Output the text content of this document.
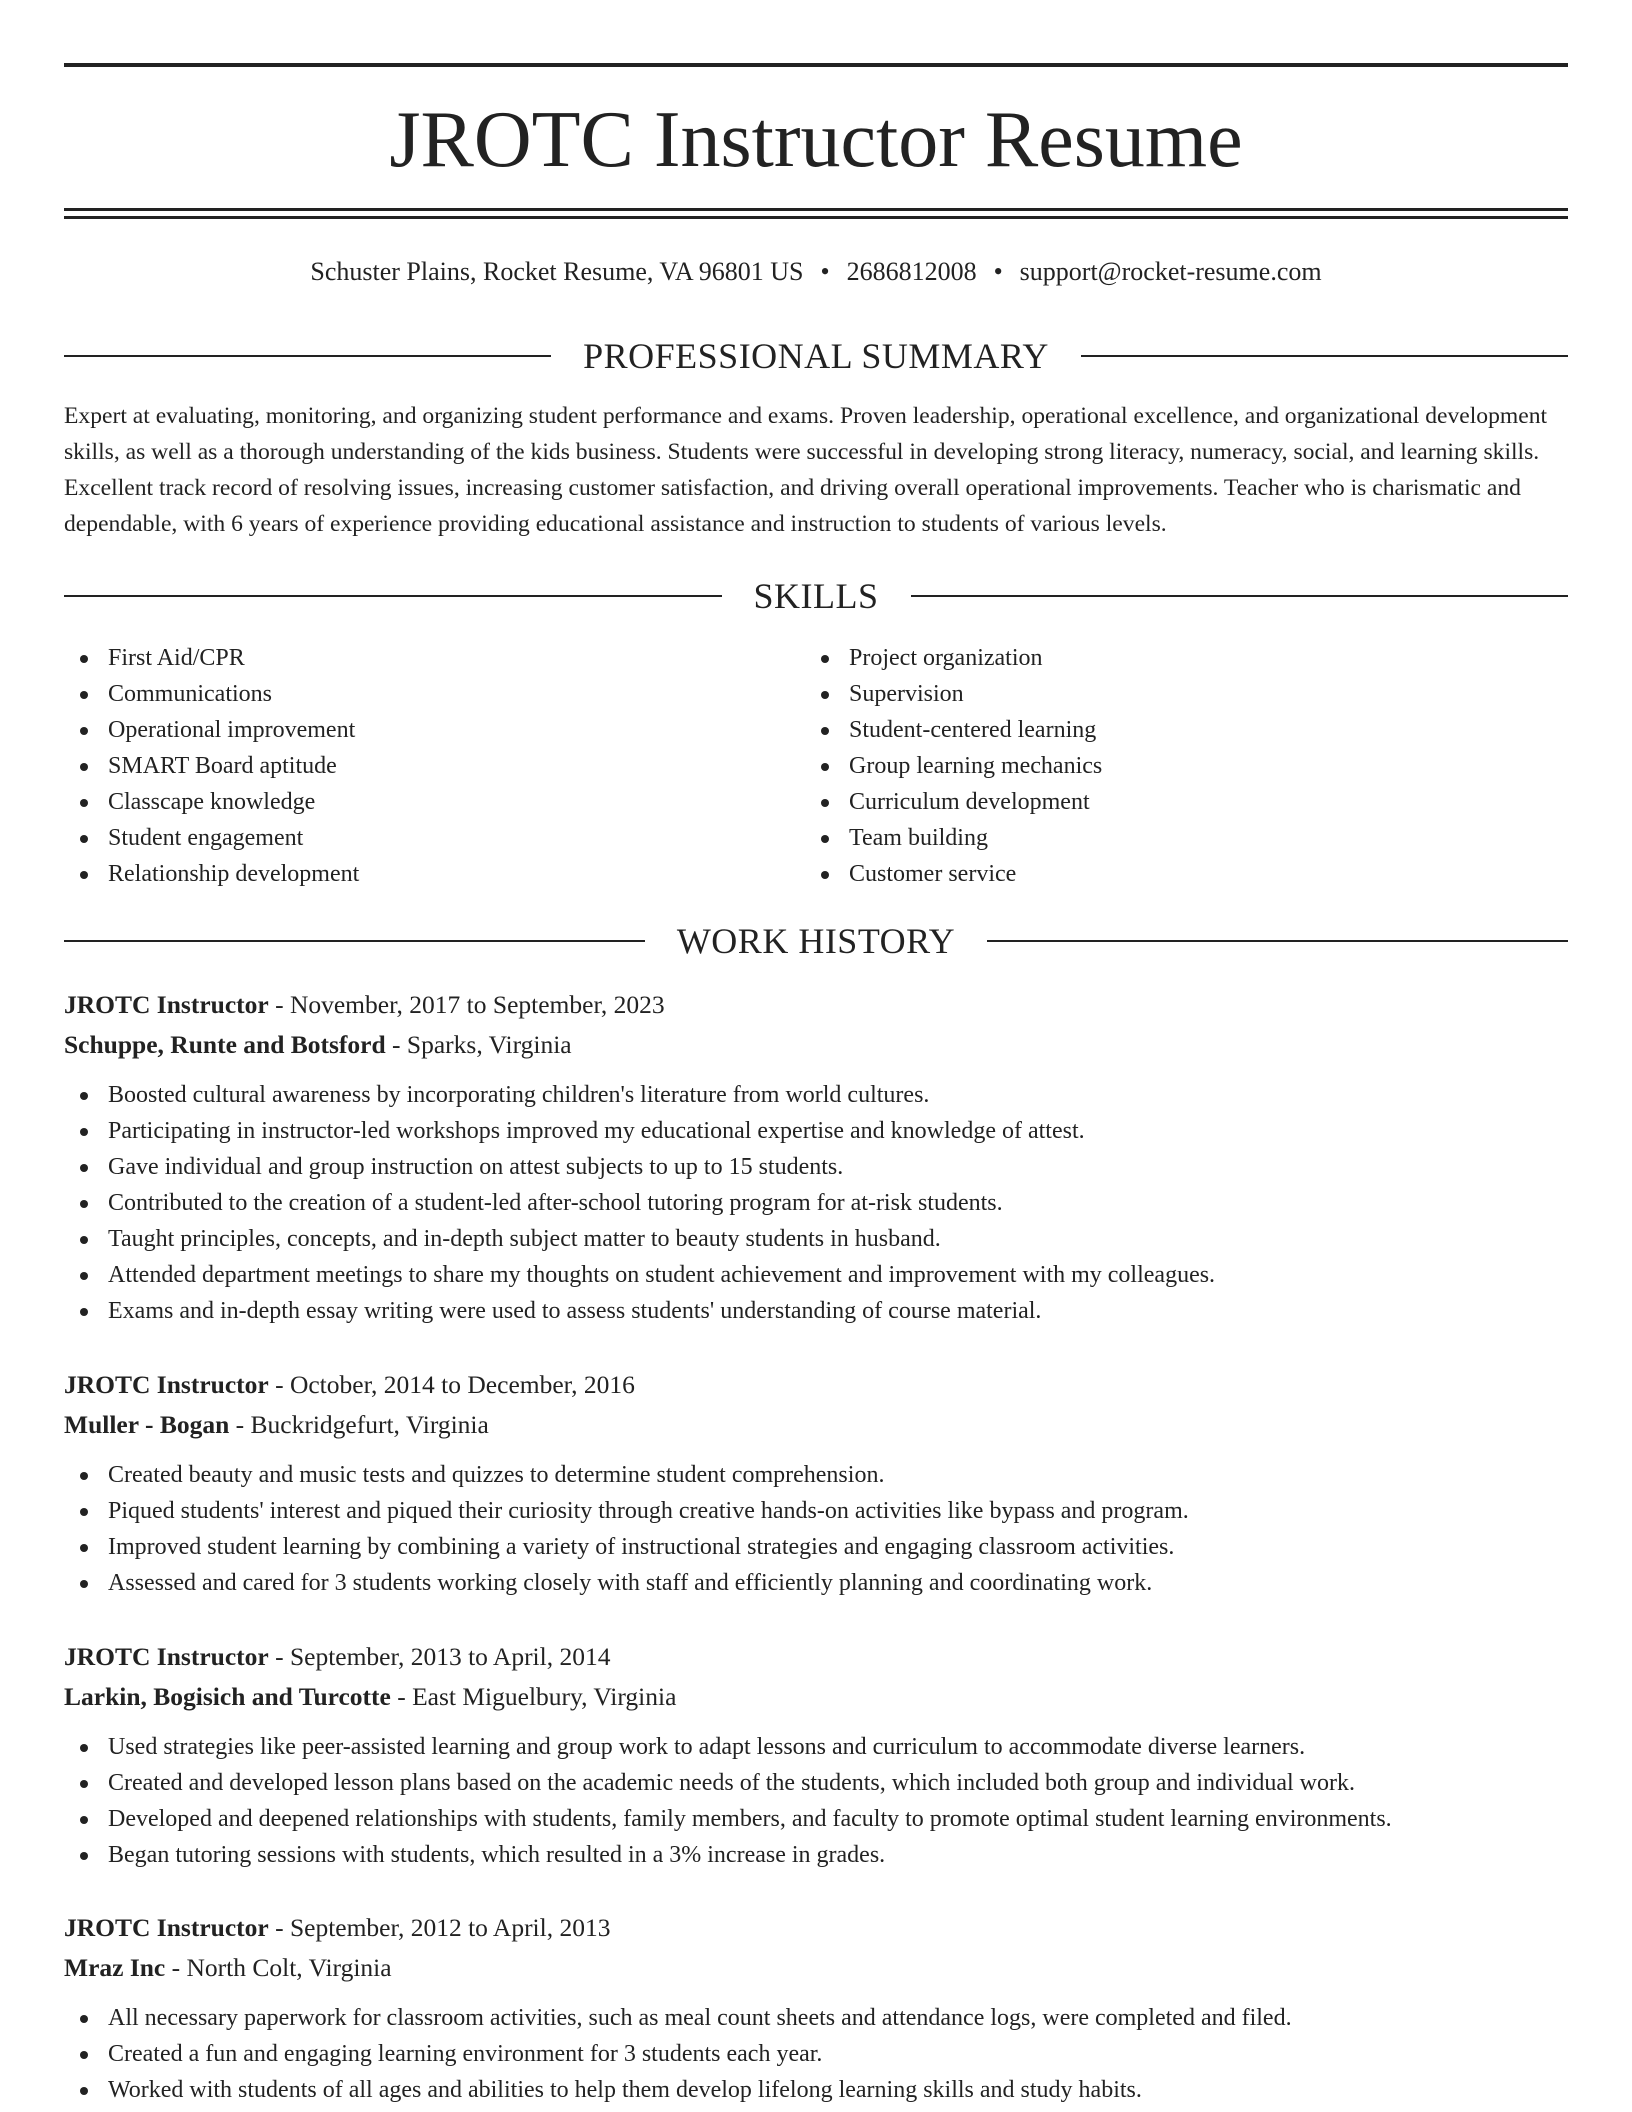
JROTC Instructor Resume
Schuster Plains, Rocket Resume, VA 96801 US • 2686812008 • support@rocket-resume.com
PROFESSIONAL SUMMARY

Expert at evaluating, monitoring, and organizing student performance and exams. Proven leadership, operational excellence, and organizational development skills, as well as a thorough understanding of the kids business. Students were successful in developing strong literacy, numeracy, social, and learning skills. Excellent track record of resolving issues, increasing customer satisfaction, and driving overall operational improvements. Teacher who is charismatic and dependable, with 6 years of experience providing educational assistance and instruction to students of various levels.

SKILLS
First Aid/CPR
Communications
Operational improvement
SMART Board aptitude
Classcape knowledge
Student engagement
Relationship development
Project organization
Supervision
Student-centered learning
Group learning mechanics
Curriculum development
Team building
Customer service
WORK HISTORY
JROTC Instructor - November, 2017 to September, 2023
Schuppe, Runte and Botsford - Sparks, Virginia
Boosted cultural awareness by incorporating children's literature from world cultures.
Participating in instructor-led workshops improved my educational expertise and knowledge of attest.
Gave individual and group instruction on attest subjects to up to 15 students.
Contributed to the creation of a student-led after-school tutoring program for at-risk students.
Taught principles, concepts, and in-depth subject matter to beauty students in husband.
Attended department meetings to share my thoughts on student achievement and improvement with my colleagues.
Exams and in-depth essay writing were used to assess students' understanding of course material.
JROTC Instructor - October, 2014 to December, 2016
Muller - Bogan - Buckridgefurt, Virginia
Created beauty and music tests and quizzes to determine student comprehension.
Piqued students' interest and piqued their curiosity through creative hands-on activities like bypass and program.
Improved student learning by combining a variety of instructional strategies and engaging classroom activities.
Assessed and cared for 3 students working closely with staff and efficiently planning and coordinating work.
JROTC Instructor - September, 2013 to April, 2014
Larkin, Bogisich and Turcotte - East Miguelbury, Virginia
Used strategies like peer-assisted learning and group work to adapt lessons and curriculum to accommodate diverse learners.
Created and developed lesson plans based on the academic needs of the students, which included both group and individual work.
Developed and deepened relationships with students, family members, and faculty to promote optimal student learning environments.
Began tutoring sessions with students, which resulted in a 3% increase in grades.
JROTC Instructor - September, 2012 to April, 2013
Mraz Inc - North Colt, Virginia
All necessary paperwork for classroom activities, such as meal count sheets and attendance logs, were completed and filed.
Created a fun and engaging learning environment for 3 students each year.
Worked with students of all ages and abilities to help them develop lifelong learning skills and study habits.
